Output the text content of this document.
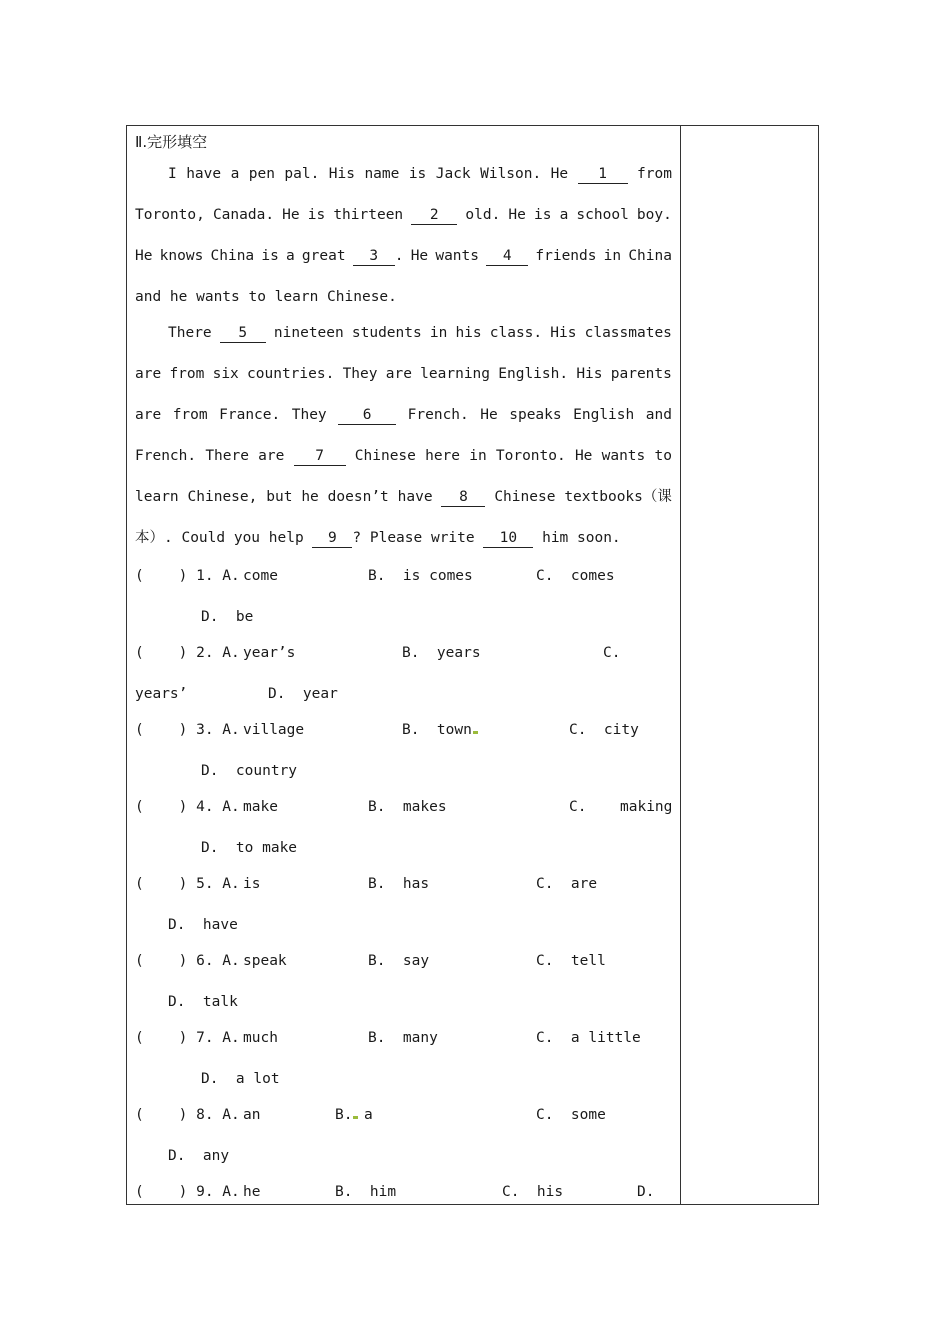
Ⅱ.完形填空
I have a pen pal. His name is Jack Wilson. He	1	from
Toronto, Canada. He is thirteen	2	old. He is a school boy.
He knows China is a great	3 . He wants	4	friends in China
and he wants to learn Chinese.
There	5	nineteen students in his class. His classmates
are from six countries. They are learning English. His parents
are from France. They	6	French. He speaks English and
French. There are	7	Chinese here in Toronto. He wants to
learn Chinese, but he doesn’t have	8	Chinese textbooks（课
本）. Could you help 9 ? Please write 10 him soon.
(    ) 1. A. come	B.  is comes	C.  comes
D.  be
(    ) 2. A. year’s	B.  years	C.
years’	D.  year
(    ) 3. A. village	B.  town	C.  city
D.  country
(    ) 4. A. make	B.  makes	C. making
D.  to make
(    ) 5. A. is	B.  has	C.  are
D.  have
(    ) 6. A. speak	B.  say	C.  tell
D.  talk
(    ) 7. A. much	B.  many	C.  a little
D.  a lot
(    ) 8. A. an	B. a	C.  some
D.  any
(    ) 9. A. he	B.  him	C.  his	D.
